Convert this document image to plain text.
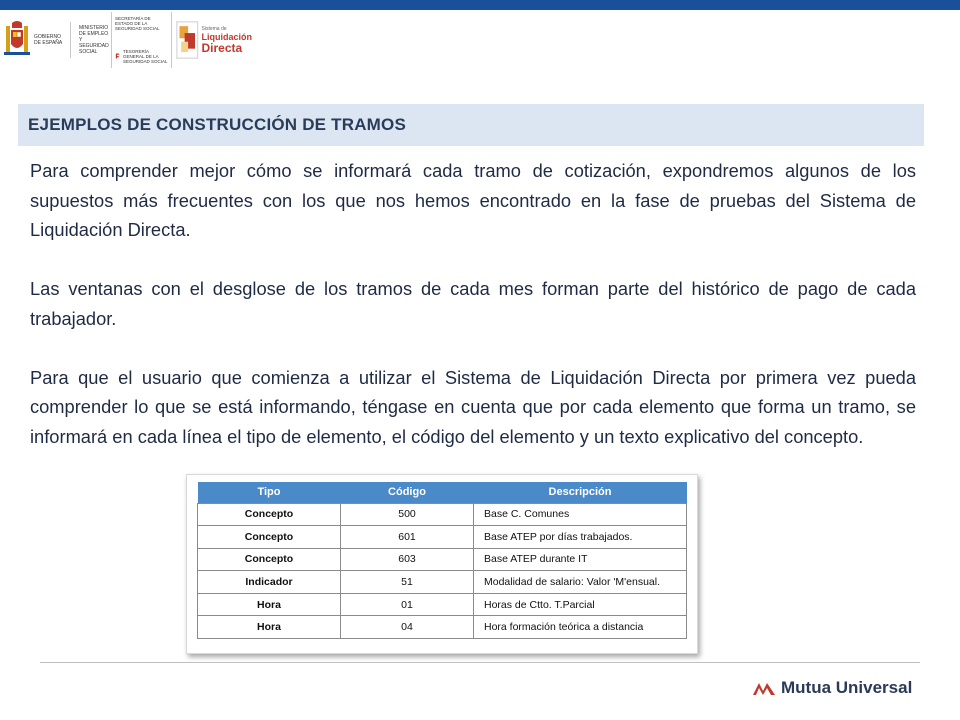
GOBIERNO DE ESPAÑA
MINISTERIO DE EMPLEO Y SEGURIDAD SOCIAL
SECRETARÍA DE ESTADO DE LA SEGURIDAD SOCIAL
TESORERÍA GENERAL DE LA SEGURIDAD SOCIAL
Sistema de
Liquidación
Directa
EJEMPLOS DE CONSTRUCCIÓN DE TRAMOS

Para comprender mejor cómo se informará cada tramo de cotización, expondremos algunos de los supuestos más frecuentes con los que nos hemos encontrado en la fase de pruebas del Sistema de Liquidación Directa.

Las ventanas con el desglose de los tramos de cada mes forman parte del histórico de pago de cada trabajador.

Para que el usuario que comienza a utilizar el Sistema de Liquidación Directa por primera vez pueda comprender lo que se está informando, téngase en cuenta que por cada elemento que forma un tramo, se informará en cada línea el tipo de elemento, el código del elemento y un texto explicativo del concepto.

Tipo	Código	Descripción
Concepto	500	Base C. Comunes
Concepto	601	Base ATEP por días trabajados.
Concepto	603	Base ATEP durante IT
Indicador	51	Modalidad de salario: Valor 'M'ensual.
Hora	01	Horas de Ctto. T.Parcial
Hora	04	Hora formación teórica a distancia
Mutua Universal
